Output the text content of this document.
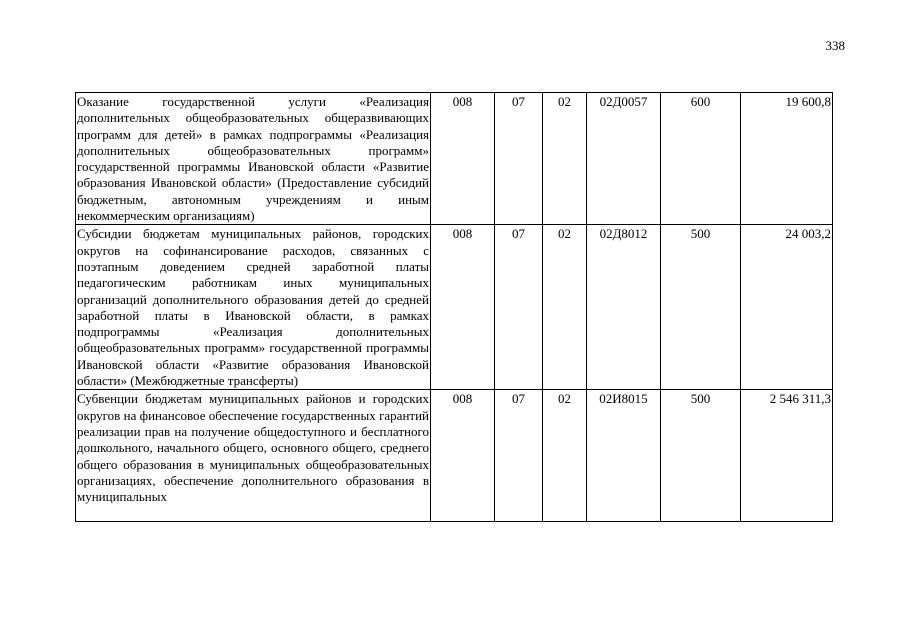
338
Оказание государственной услуги «Реализация дополнительных общеобразовательных общеразвивающих программ для детей» в рамках подпрограммы «Реализация дополнительных общеобразовательных программ» государственной программы Ивановской области «Развитие образования Ивановской области» (Предоставление субсидий бюджетным, автономным учреждениям и иным некоммерческим организациям)	008	07	02	02Д0057	600	19 600,8
Субсидии бюджетам муниципальных районов, городских округов на софинансирование расходов, связанных с поэтапным доведением средней заработной платы педагогическим работникам иных муниципальных организаций дополнительного образования детей до средней заработной платы в Ивановской области, в рамках подпрограммы «Реализация дополнительных общеобразовательных программ» государственной программы Ивановской области «Развитие образования Ивановской области» (Межбюджетные трансферты)	008	07	02	02Д8012	500	24 003,2

Субвенции бюджетам муниципальных районов и городских округов на финансовое обеспечение государственных гарантий реализации прав на получение общедоступного и бесплатного дошкольного, начального общего, основного общего, среднего общего образования в муниципальных общеобразовательных организациях, обеспечение дополнительного образования в муниципальных	008	07	02	02И8015	500	2 546 311,3
